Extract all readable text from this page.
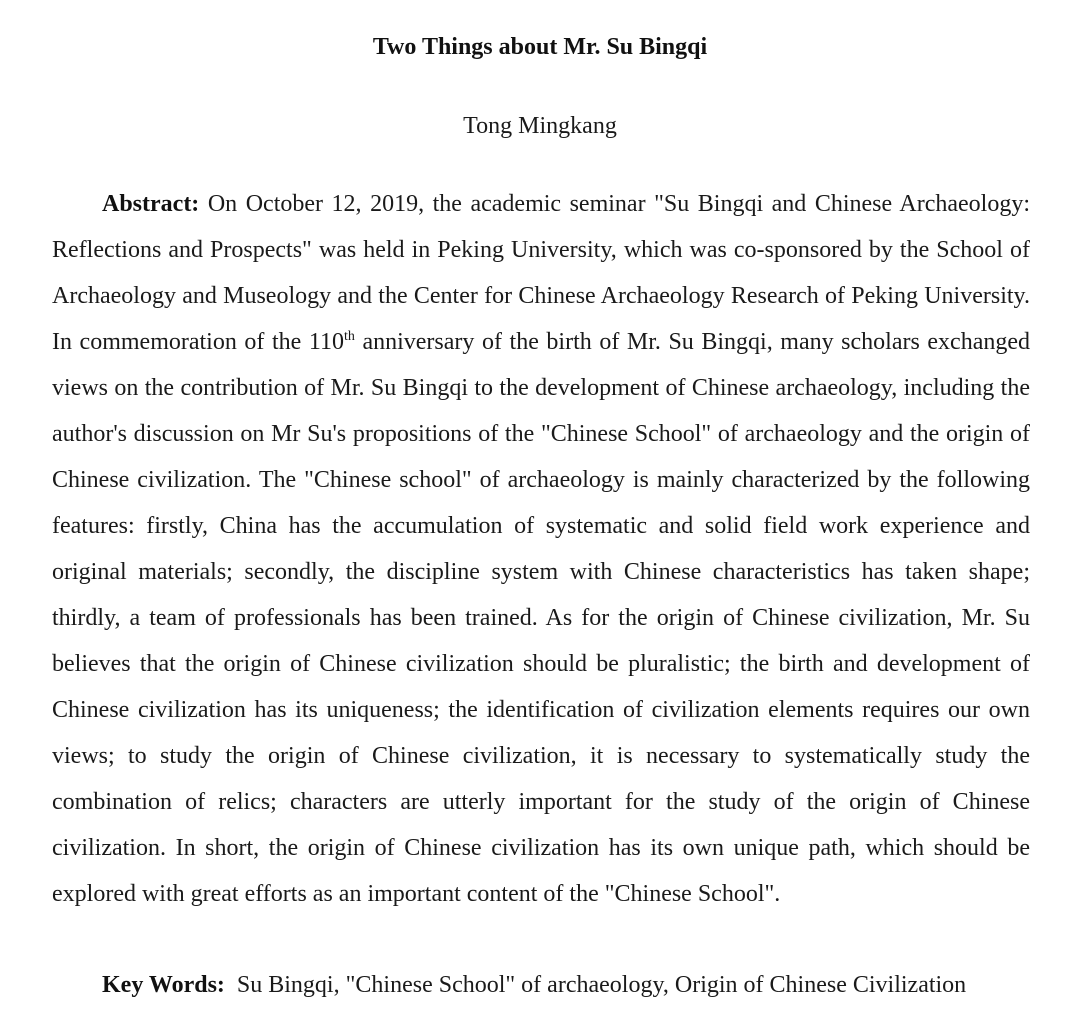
Two Things about Mr. Su Bingqi
Tong Mingkang

Abstract: On October 12, 2019, the academic seminar "Su Bingqi and Chinese Archaeology: Reflections and Prospects" was held in Peking University, which was co-sponsored by the School of Archaeology and Museology and the Center for Chinese Archaeology Research of Peking University. In commemoration of the 110th anniversary of the birth of Mr. Su Bingqi, many scholars exchanged views on the contribution of Mr. Su Bingqi to the development of Chinese archaeology, including the author's discussion on Mr Su's propositions of the "Chinese School" of archaeology and the origin of Chinese civilization. The "Chinese school" of archaeology is mainly characterized by the following features: firstly, China has the accumulation of systematic and solid field work experience and original materials; secondly, the discipline system with Chinese characteristics has taken shape; thirdly, a team of professionals has been trained. As for the origin of Chinese civilization, Mr. Su believes that the origin of Chinese civilization should be pluralistic; the birth and development of Chinese civilization has its uniqueness; the identification of civilization elements requires our own views; to study the origin of Chinese civilization, it is necessary to systematically study the combination of relics; characters are utterly important for the study of the origin of Chinese civilization. In short, the origin of Chinese civilization has its own unique path, which should be explored with great efforts as an important content of the "Chinese School".

Key Words:  Su Bingqi, "Chinese School" of archaeology, Origin of Chinese Civilization
